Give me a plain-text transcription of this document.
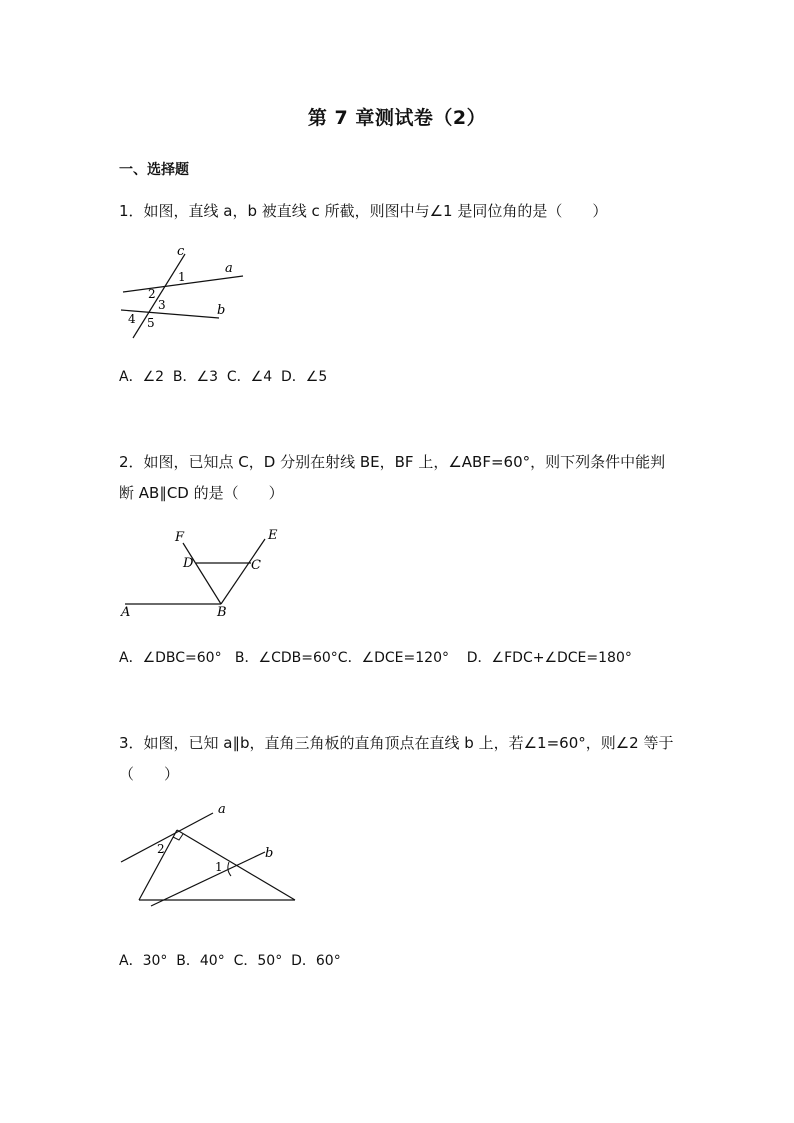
第 7 章测试卷（2）
一、选择题
1．如图，直线 a，b 被直线 c 所截，则图中与∠1 是同位角的是（　　）
c
a
b
1
2
3
4 5
A．∠2  B．∠3  C．∠4  D．∠5
2．如图，已知点 C，D 分别在射线 BE，BF 上，∠ABF=60°，则下列条件中能判断 AB∥CD 的是（　　）
F	E
D	C
A	B
A．∠DBC=60°   B．∠CDB=60°C．∠DCE=120°    D．∠FDC+∠DCE=180°
3．如图，已知 a∥b，直角三角板的直角顶点在直线 b 上，若∠1=60°，则∠2 等于（　　）
a
b
1
2
A．30°  B．40°  C．50°  D．60°
